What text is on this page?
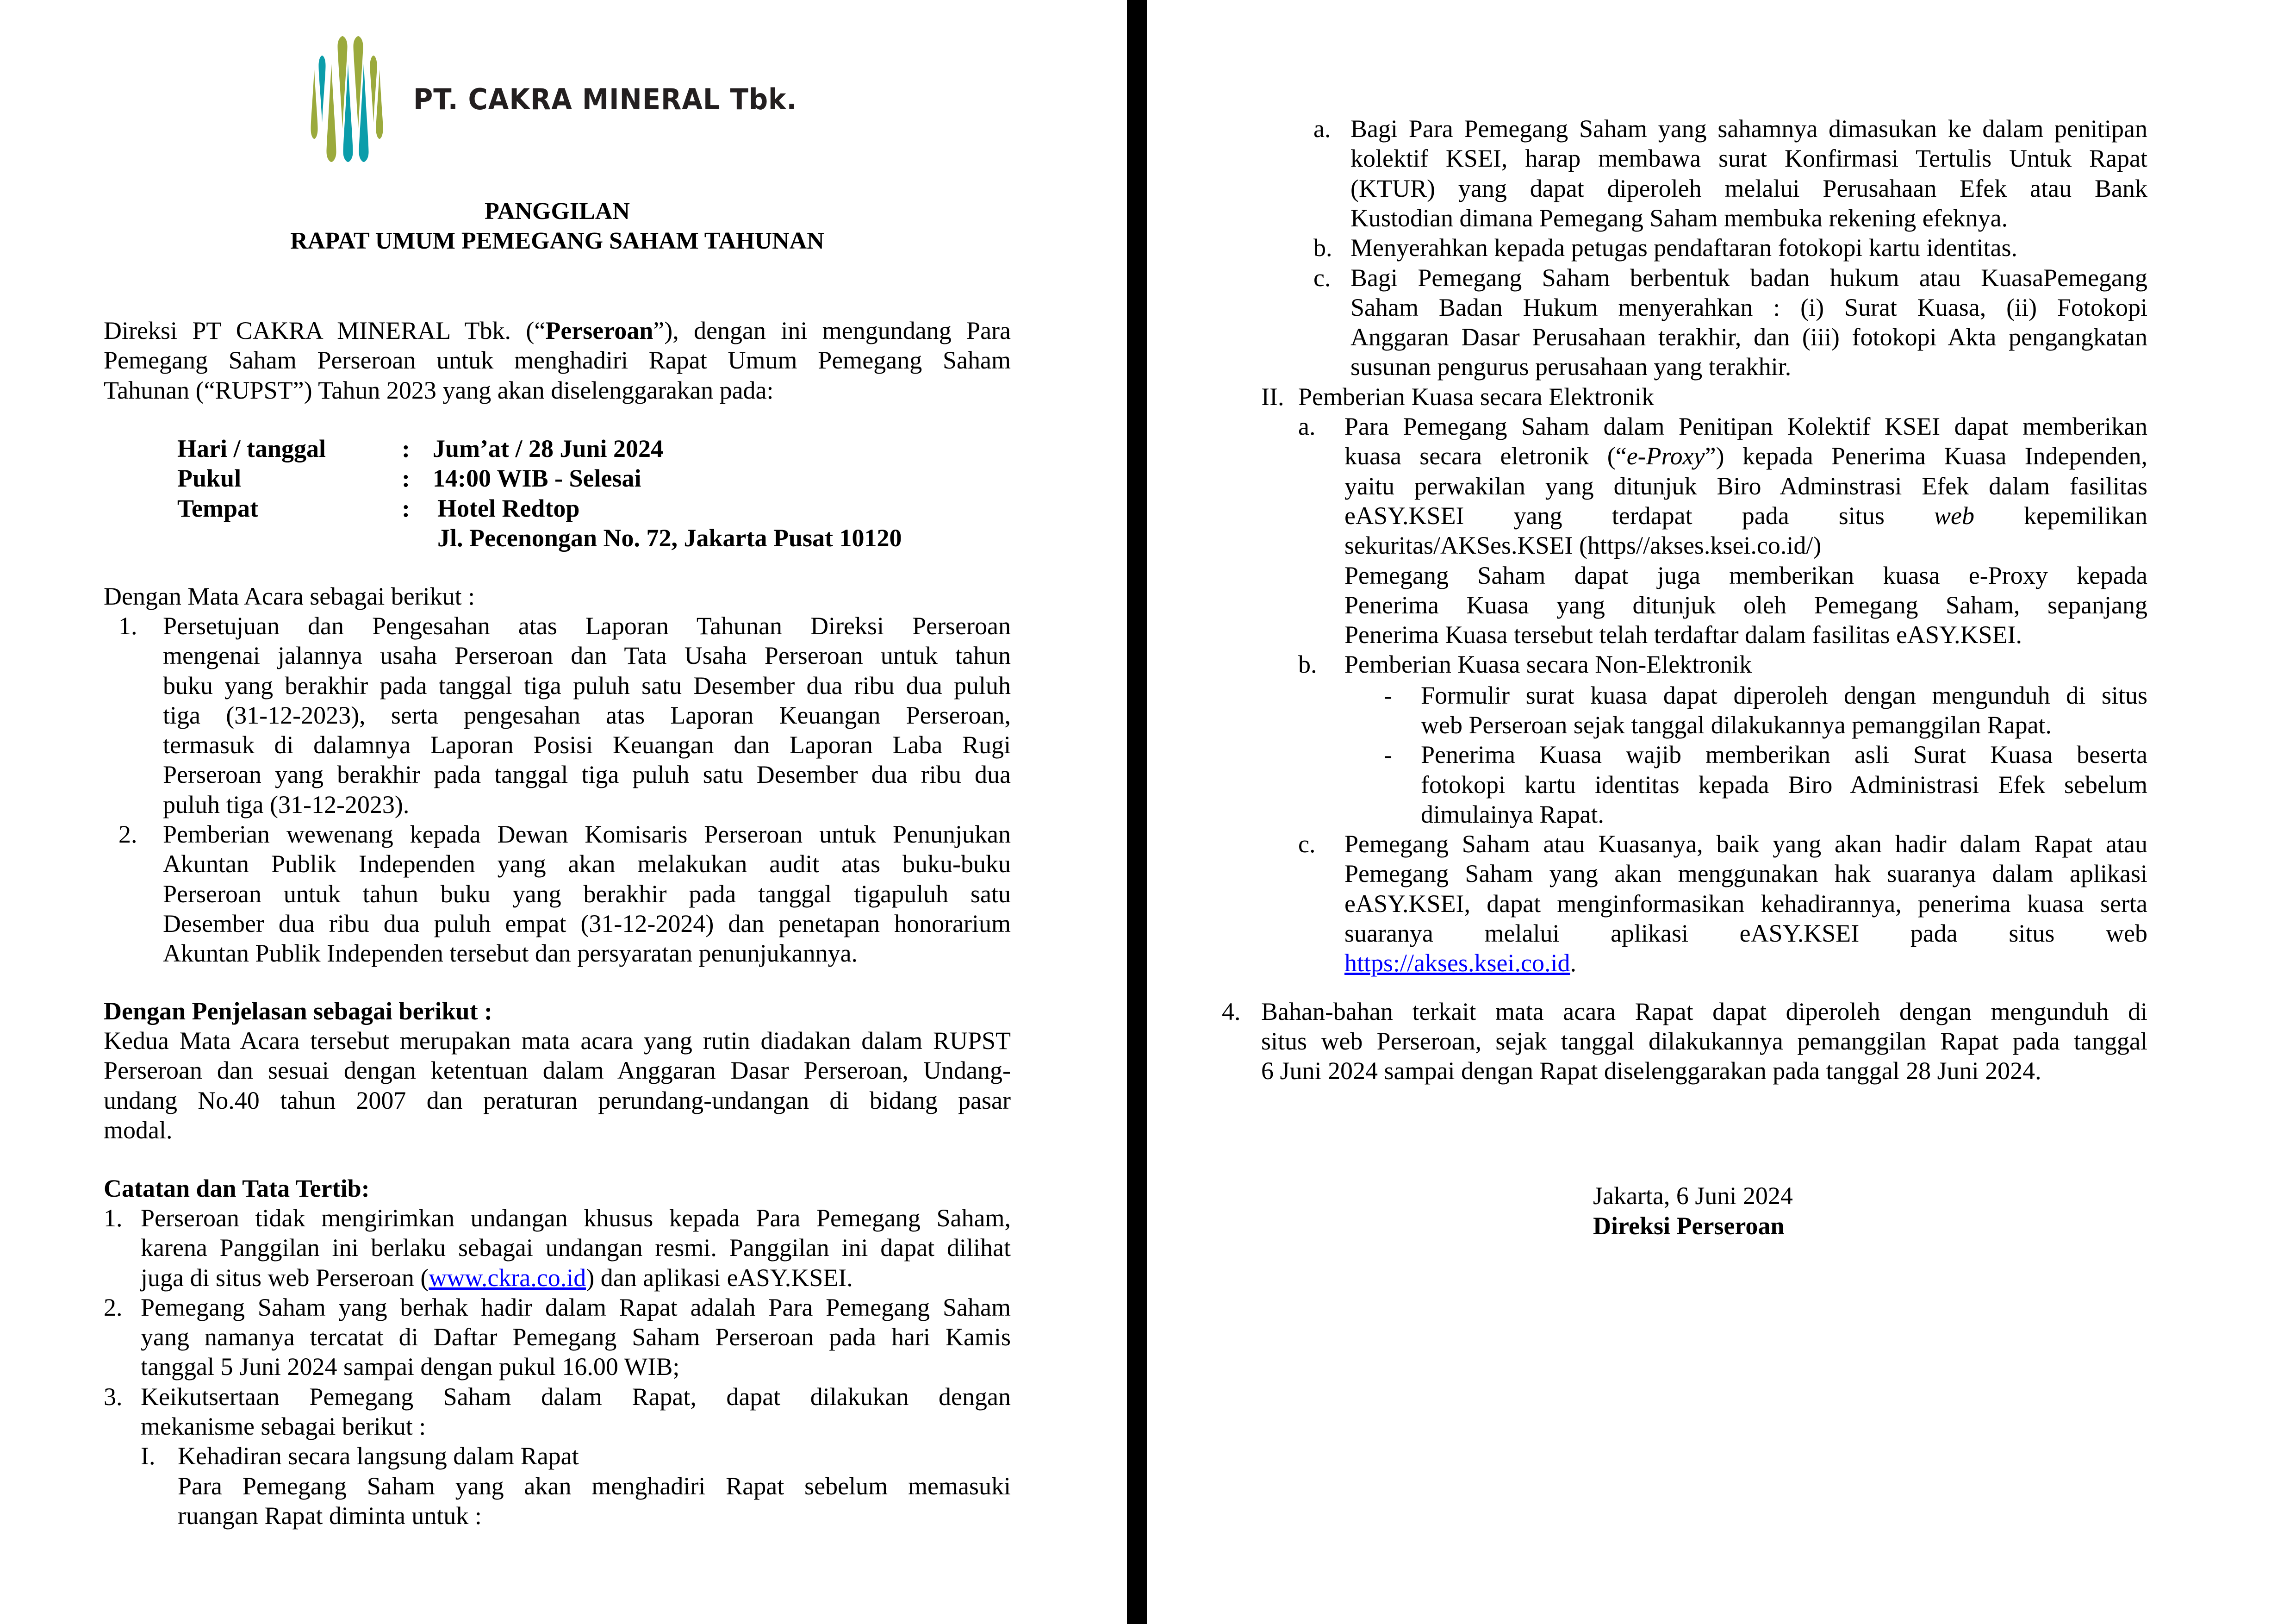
PT. CAKRA MINERAL Tbk.
PANGGILAN
RAPAT UMUM PEMEGANG SAHAM TAHUNAN
Direksi PT CAKRA MINERAL Tbk. (“Perseroan”), dengan ini mengundang Para
Pemegang Saham Perseroan untuk menghadiri Rapat Umum Pemegang Saham
Tahunan (“RUPST”) Tahun 2023 yang akan diselenggarakan pada:
Hari / tanggal	: Jum’at / 28 Juni 2024
Pukul	: 14:00 WIB - Selesai
Tempat	: Hotel Redtop
Jl. Pecenongan No. 72, Jakarta Pusat 10120
Dengan Mata Acara sebagai berikut :
Dengan Penjelasan sebagai berikut :
Kedua Mata Acara tersebut merupakan mata acara yang rutin diadakan dalam RUPST
Perseroan dan sesuai dengan ketentuan dalam Anggaran Dasar Perseroan, Undang-
undang No.40 tahun 2007 dan peraturan perundang-undangan di bidang pasar
modal.
Catatan dan Tata Tertib:	Jakarta, 6 Juni 2024
Direksi Perseroan
1. Persetujuan dan Pengesahan atas Laporan Tahunan Direksi Perseroan
mengenai jalannya usaha Perseroan dan Tata Usaha Perseroan untuk tahun
buku yang berakhir pada tanggal tiga puluh satu Desember dua ribu dua puluh
tiga (31-12-2023), serta pengesahan atas Laporan Keuangan Perseroan,
termasuk di dalamnya Laporan Posisi Keuangan dan Laporan Laba Rugi
Perseroan yang berakhir pada tanggal tiga puluh satu Desember dua ribu dua
puluh tiga (31-12-2023).
2. Pemberian wewenang kepada Dewan Komisaris Perseroan untuk Penunjukan
Akuntan Publik Independen yang akan melakukan audit atas buku-buku
Perseroan untuk tahun buku yang berakhir pada tanggal tigapuluh satu
Desember dua ribu dua puluh empat (31-12-2024) dan penetapan honorarium
Akuntan Publik Independen tersebut dan persyaratan penunjukannya.
1. Perseroan tidak mengirimkan undangan khusus kepada Para Pemegang Saham,
karena Panggilan ini berlaku sebagai undangan resmi. Panggilan ini dapat dilihat
juga di situs web Perseroan (www.ckra.co.id) dan aplikasi eASY.KSEI.
2. Pemegang Saham yang berhak hadir dalam Rapat adalah Para Pemegang Saham
yang namanya tercatat di Daftar Pemegang Saham Perseroan pada hari Kamis
tanggal 5 Juni 2024 sampai dengan pukul 16.00 WIB;
3. Keikutsertaan Pemegang Saham dalam Rapat, dapat dilakukan dengan
mekanisme sebagai berikut :
I. Kehadiran secara langsung dalam Rapat
Para Pemegang Saham yang akan menghadiri Rapat sebelum memasuki
ruangan Rapat diminta untuk :
a. Bagi Para Pemegang Saham yang sahamnya dimasukan ke dalam penitipan
kolektif KSEI, harap membawa surat Konfirmasi Tertulis Untuk Rapat
(KTUR) yang dapat diperoleh melalui Perusahaan Efek atau Bank
Kustodian dimana Pemegang Saham membuka rekening efeknya.
b. Menyerahkan kepada petugas pendaftaran fotokopi kartu identitas.
c. Bagi Pemegang Saham berbentuk badan hukum atau KuasaPemegang
Saham Badan Hukum menyerahkan : (i) Surat Kuasa, (ii) Fotokopi
Anggaran Dasar Perusahaan terakhir, dan (iii) fotokopi Akta pengangkatan
susunan pengurus perusahaan yang terakhir.
II. Pemberian Kuasa secara Elektronik
a. Para Pemegang Saham dalam Penitipan Kolektif KSEI dapat memberikan
kuasa secara eletronik (“e-Proxy”) kepada Penerima Kuasa Independen,
yaitu perwakilan yang ditunjuk Biro Adminstrasi Efek dalam fasilitas
eASY.KSEI yang terdapat pada situs web kepemilikan
sekuritas/AKSes.KSEI (https//akses.ksei.co.id/)
Pemegang Saham dapat juga memberikan kuasa e-Proxy kepada
Penerima Kuasa yang ditunjuk oleh Pemegang Saham, sepanjang
Penerima Kuasa tersebut telah terdaftar dalam fasilitas eASY.KSEI.
b. Pemberian Kuasa secara Non-Elektronik
- Formulir surat kuasa dapat diperoleh dengan mengunduh di situs
web Perseroan sejak tanggal dilakukannya pemanggilan Rapat.
- Penerima Kuasa wajib memberikan asli Surat Kuasa beserta
fotokopi kartu identitas kepada Biro Administrasi Efek sebelum
dimulainya Rapat.
c. Pemegang Saham atau Kuasanya, baik yang akan hadir dalam Rapat atau
Pemegang Saham yang akan menggunakan hak suaranya dalam aplikasi
eASY.KSEI, dapat menginformasikan kehadirannya, penerima kuasa serta
suaranya melalui aplikasi eASY.KSEI pada situs web
https://akses.ksei.co.id.
4. Bahan-bahan terkait mata acara Rapat dapat diperoleh dengan mengunduh di
situs web Perseroan, sejak tanggal dilakukannya pemanggilan Rapat pada tanggal
6 Juni 2024 sampai dengan Rapat diselenggarakan pada tanggal 28 Juni 2024.
